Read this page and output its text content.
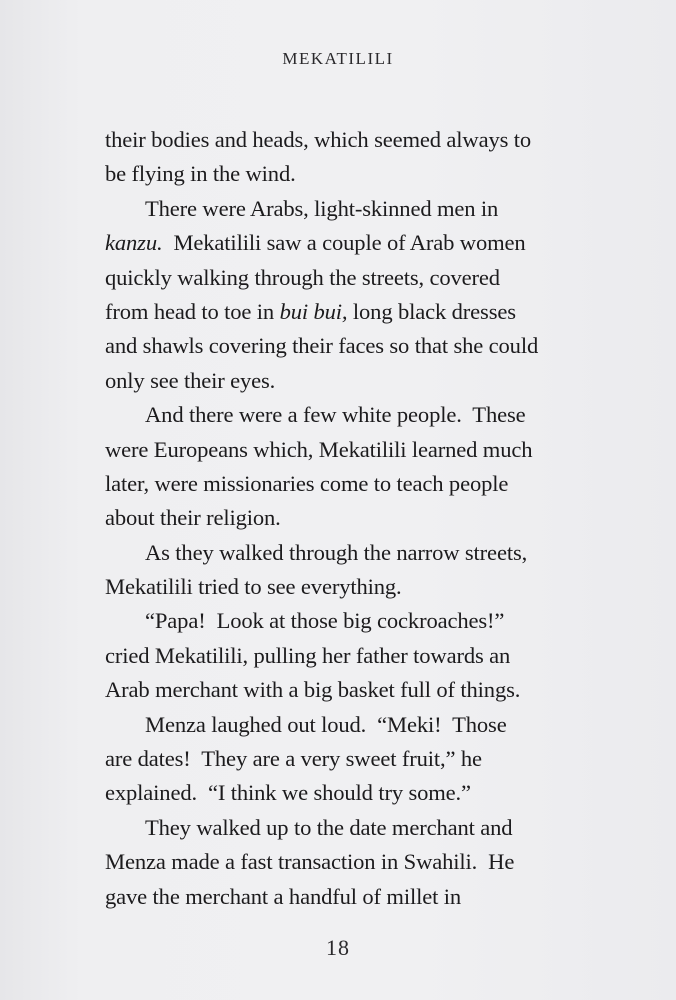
MEKATILILI
their bodies and heads, which seemed always to
be flying in the wind.
There were Arabs, light-skinned men in
kanzu.  Mekatilili saw a couple of Arab women
quickly walking through the streets, covered
from head to toe in bui bui, long black dresses
and shawls covering their faces so that she could
only see their eyes.
And there were a few white people.  These
were Europeans which, Mekatilili learned much
later, were missionaries come to teach people
about their religion.
As they walked through the narrow streets,
Mekatilili tried to see everything.
“Papa!  Look at those big cockroaches!”
cried Mekatilili, pulling her father towards an
Arab merchant with a big basket full of things.
Menza laughed out loud.  “Meki!  Those
are dates!  They are a very sweet fruit,” he
explained.  “I think we should try some.”
They walked up to the date merchant and
Menza made a fast transaction in Swahili.  He
gave the merchant a handful of millet in
18
